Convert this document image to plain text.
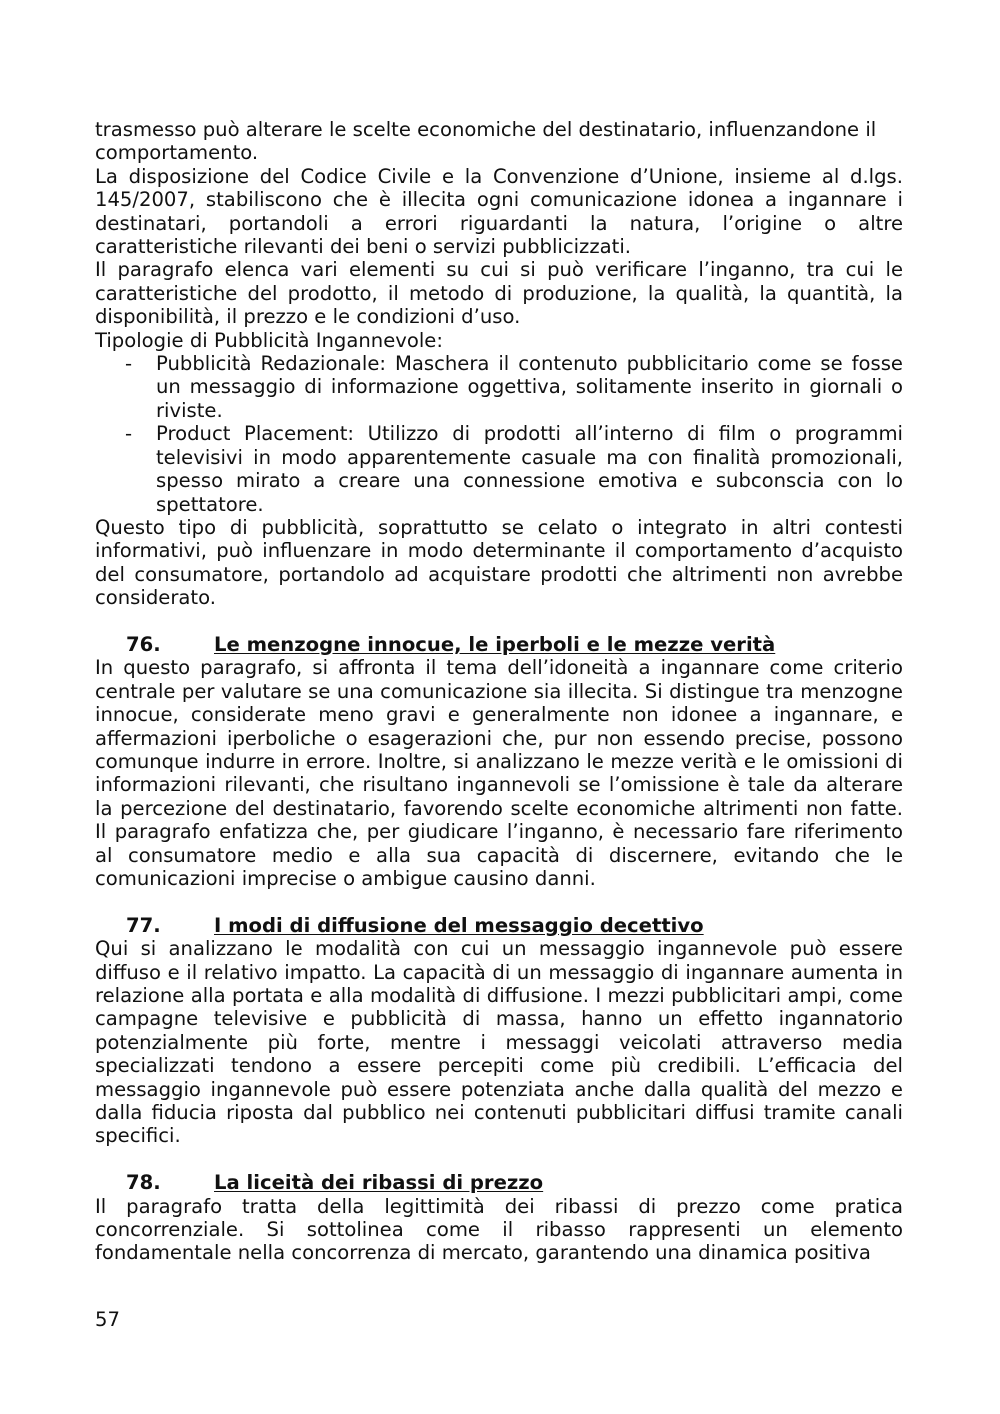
trasmesso può alterare le scelte economiche del destinatario, influenzandone il comportamento.

La disposizione del Codice Civile e la Convenzione d’Unione, insieme al d.lgs. 145/2007, stabiliscono che è illecita ogni comunicazione idonea a ingannare i destinatari, portandoli a errori riguardanti la natura, l’origine o altre caratteristiche rilevanti dei beni o servizi pubblicizzati.

Il paragrafo elenca vari elementi su cui si può verificare l’inganno, tra cui le caratteristiche del prodotto, il metodo di produzione, la qualità, la quantità, la disponibilità, il prezzo e le condizioni d’uso.

Tipologie di Pubblicità Ingannevole:

- Pubblicità Redazionale: Maschera il contenuto pubblicitario come se fosse un messaggio di informazione oggettiva, solitamente inserito in giornali o riviste.
- Product Placement: Utilizzo di prodotti all’interno di film o programmi televisivi in modo apparentemente casuale ma con finalità promozionali, spesso mirato a creare una connessione emotiva e subconscia con lo spettatore.

Questo tipo di pubblicità, soprattutto se celato o integrato in altri contesti informativi, può influenzare in modo determinante il comportamento d’acquisto del consumatore, portandolo ad acquistare prodotti che altrimenti non avrebbe considerato.

76.	Le menzogne innocue, le iperboli e le mezze verità

In questo paragrafo, si affronta il tema dell’idoneità a ingannare come criterio centrale per valutare se una comunicazione sia illecita. Si distingue tra menzogne innocue, considerate meno gravi e generalmente non idonee a ingannare, e affermazioni iperboliche o esagerazioni che, pur non essendo precise, possono comunque indurre in errore. Inoltre, si analizzano le mezze verità e le omissioni di informazioni rilevanti, che risultano ingannevoli se l’omissione è tale da alterare la percezione del destinatario, favorendo scelte economiche altrimenti non fatte. Il paragrafo enfatizza che, per giudicare l’inganno, è necessario fare riferimento al consumatore medio e alla sua capacità di discernere, evitando che le comunicazioni imprecise o ambigue causino danni.

77.	I modi di diffusione del messaggio decettivo

Qui si analizzano le modalità con cui un messaggio ingannevole può essere diffuso e il relativo impatto. La capacità di un messaggio di ingannare aumenta in relazione alla portata e alla modalità di diffusione. I mezzi pubblicitari ampi, come campagne televisive e pubblicità di massa, hanno un effetto ingannatorio potenzialmente più forte, mentre i messaggi veicolati attraverso media specializzati tendono a essere percepiti come più credibili. L’efficacia del messaggio ingannevole può essere potenziata anche dalla qualità del mezzo e dalla fiducia riposta dal pubblico nei contenuti pubblicitari diffusi tramite canali specifici.

78.	La liceità dei ribassi di prezzo

Il paragrafo tratta della legittimità dei ribassi di prezzo come pratica concorrenziale. Si sottolinea come il ribasso rappresenti un elemento fondamentale nella concorrenza di mercato, garantendo una dinamica positiva

57
